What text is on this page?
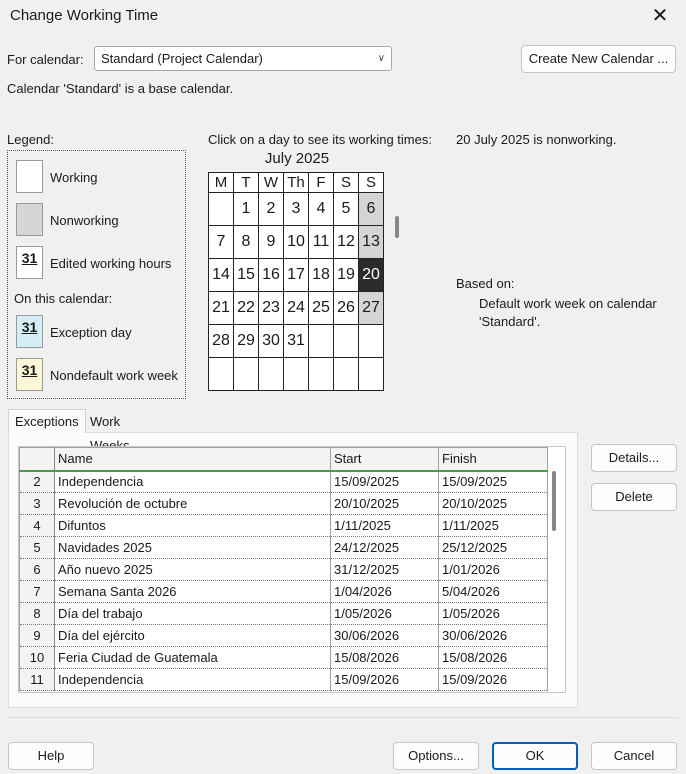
Change Working Time	✕
For calendar:	Standard (Project Calendar)	∨	Create New Calendar ...
Calendar 'Standard' is a base calendar.
Legend:
Working
Nonworking
31 Edited working hours
On this calendar:
31 Exception day
31 Nondefault work week
Click on a day to see its working times: 20 July 2025 is nonworking.
July 2025
M	T	W	Th	F	S	S
	1	2	3	4	5	6
7	8	9	10	11	12	13
14	15	16	17	18	19	20
21	22	23	24	25	26	27
28	29	30	31			

Based on:
Default work week on calendar
'Standard'.
Exceptions Work
	Name	Start	Finish
2	Independencia	15/09/2025	15/09/2025
3	Revolución de octubre	20/10/2025	20/10/2025
4	Difuntos	1/11/2025	1/11/2025
5	Navidades 2025	24/12/2025	25/12/2025
6	Año nuevo 2025	31/12/2025	1/01/2026
7	Semana Santa 2026	1/04/2026	5/04/2026
8	Día del trabajo	1/05/2026	1/05/2026
9	Día del ejército	30/06/2026	30/06/2026
10	Feria Ciudad de Guatemala	15/08/2026	15/08/2026
11	Independencia	15/09/2026	15/09/2026
Details...
Delete
Help	Options...	OK	Cancel
